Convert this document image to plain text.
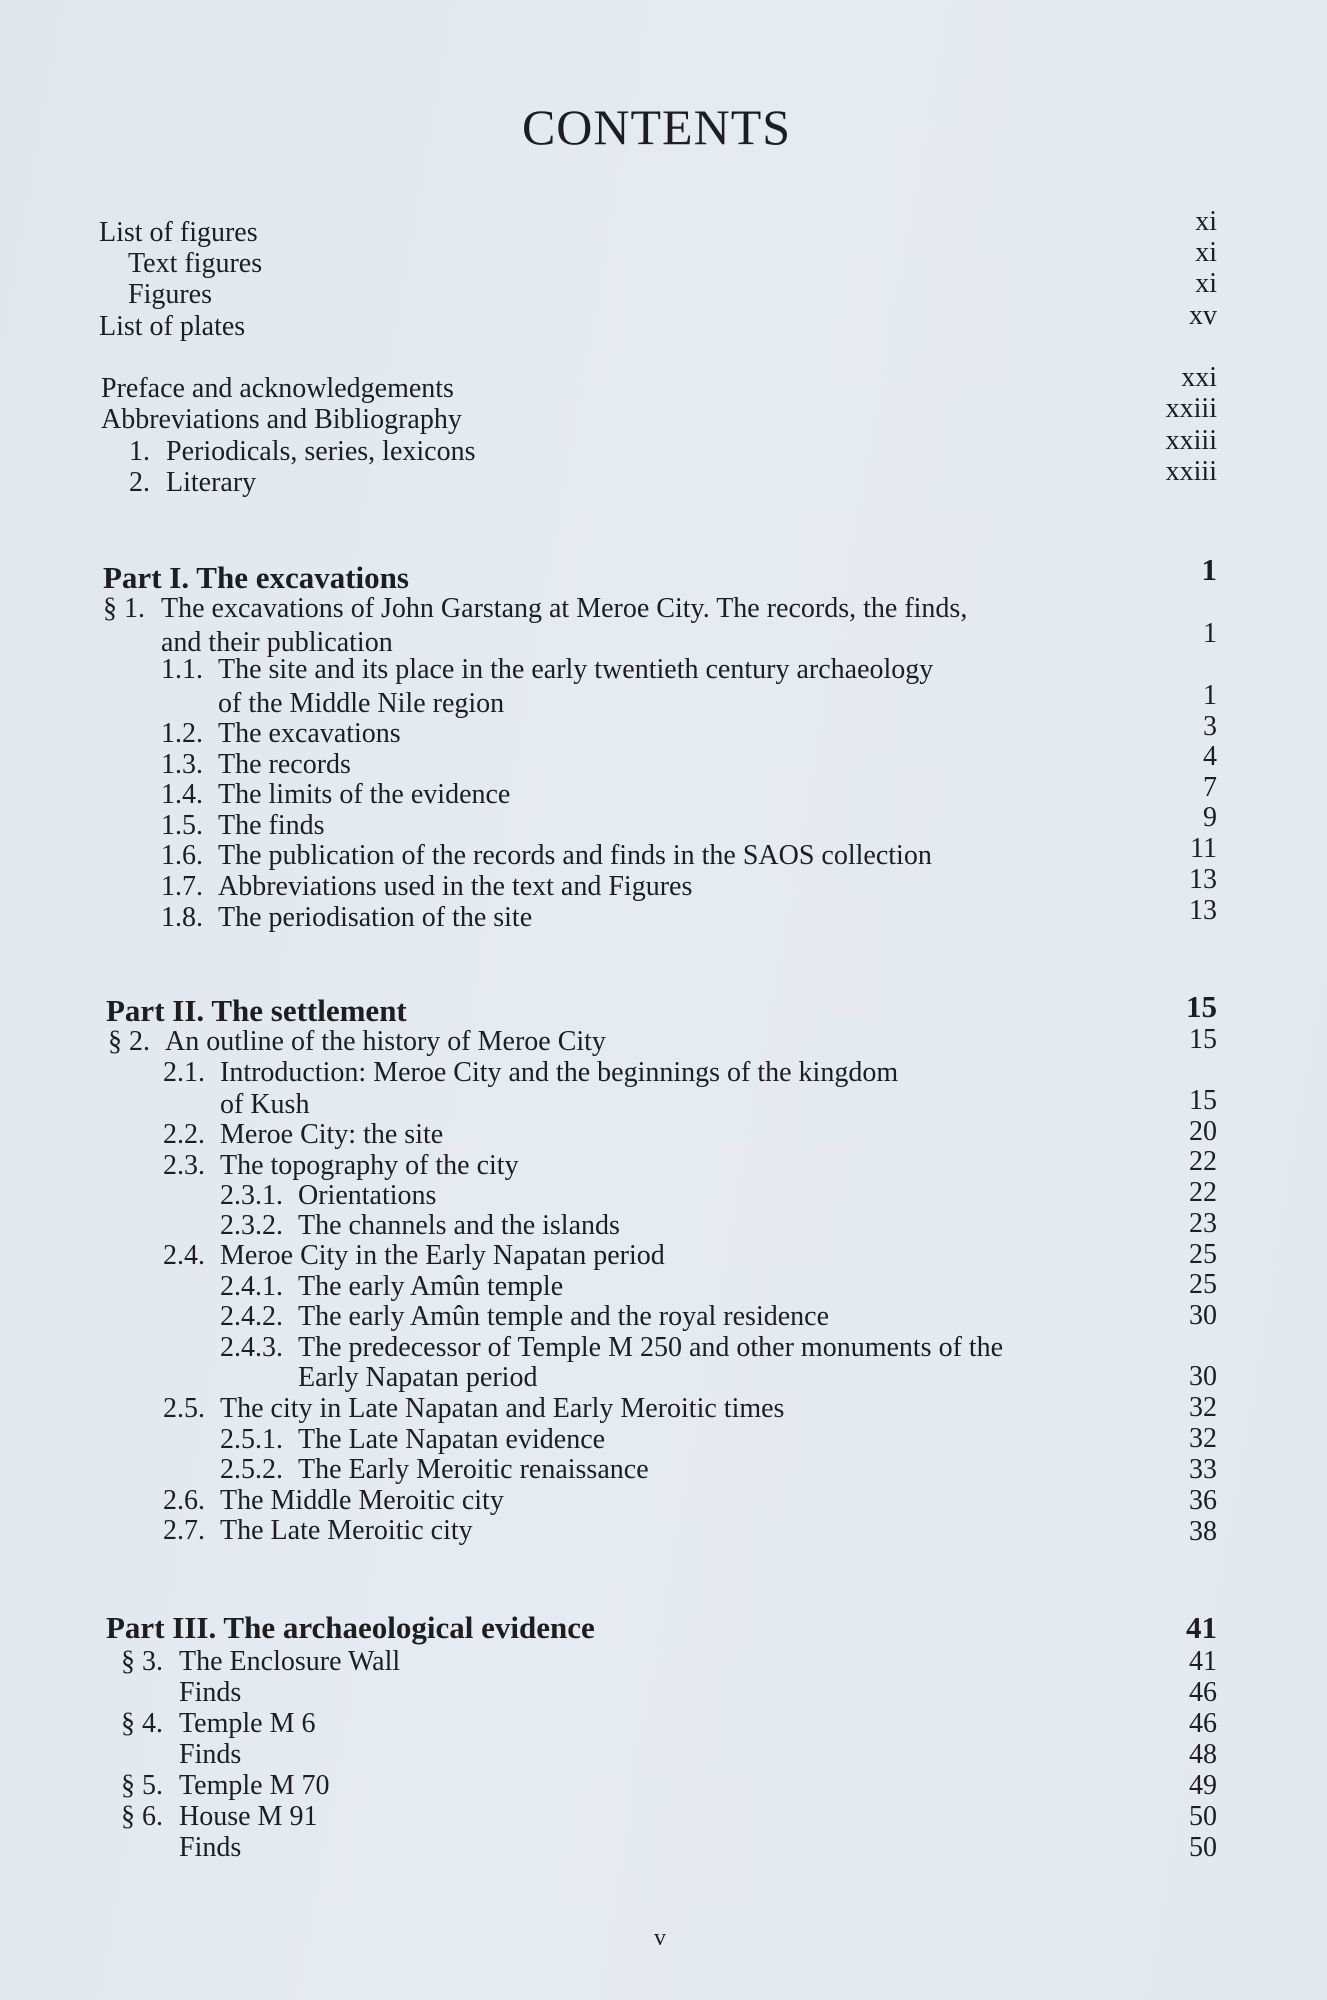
CONTENTS
List of figures	xi
Text figures	xi
Figures	xi
List of plates	xv
Preface and acknowledgements	xxi
Abbreviations and Bibliography	xxiii
1. Periodicals, series, lexicons	xxiii
2. Literary	xxiii
Part I. The excavations	1
§ 1. The excavations of John Garstang at Meroe City. The records, the finds,
and their publication	1
1.1. The site and its place in the early twentieth century archaeology
of the Middle Nile region	1
1.2. The excavations	3
1.3. The records	4
1.4. The limits of the evidence	7
1.5. The finds	9
1.6. The publication of the records and finds in the SAOS collection	11
1.7. Abbreviations used in the text and Figures	13
1.8. The periodisation of the site	13
Part II. The settlement	15
§ 2. An outline of the history of Meroe City	15
2.1. Introduction: Meroe City and the beginnings of the kingdom
of Kush	15
2.2. Meroe City: the site	20
2.3. The topography of the city	22
2.3.1. Orientations	22
2.3.2. The channels and the islands	23
2.4. Meroe City in the Early Napatan period	25
2.4.1. The early Amûn temple	25
2.4.2. The early Amûn temple and the royal residence	30
2.4.3. The predecessor of Temple M 250 and other monuments of the
Early Napatan period	30
2.5. The city in Late Napatan and Early Meroitic times	32
2.5.1. The Late Napatan evidence	32
2.5.2. The Early Meroitic renaissance	33
2.6. The Middle Meroitic city	36
2.7. The Late Meroitic city	38
Part III. The archaeological evidence	41
§ 3. The Enclosure Wall	41
Finds	46
§ 4. Temple M 6	46
Finds	48
§ 5. Temple M 70	49
§ 6. House M 91	50
Finds	50
v
